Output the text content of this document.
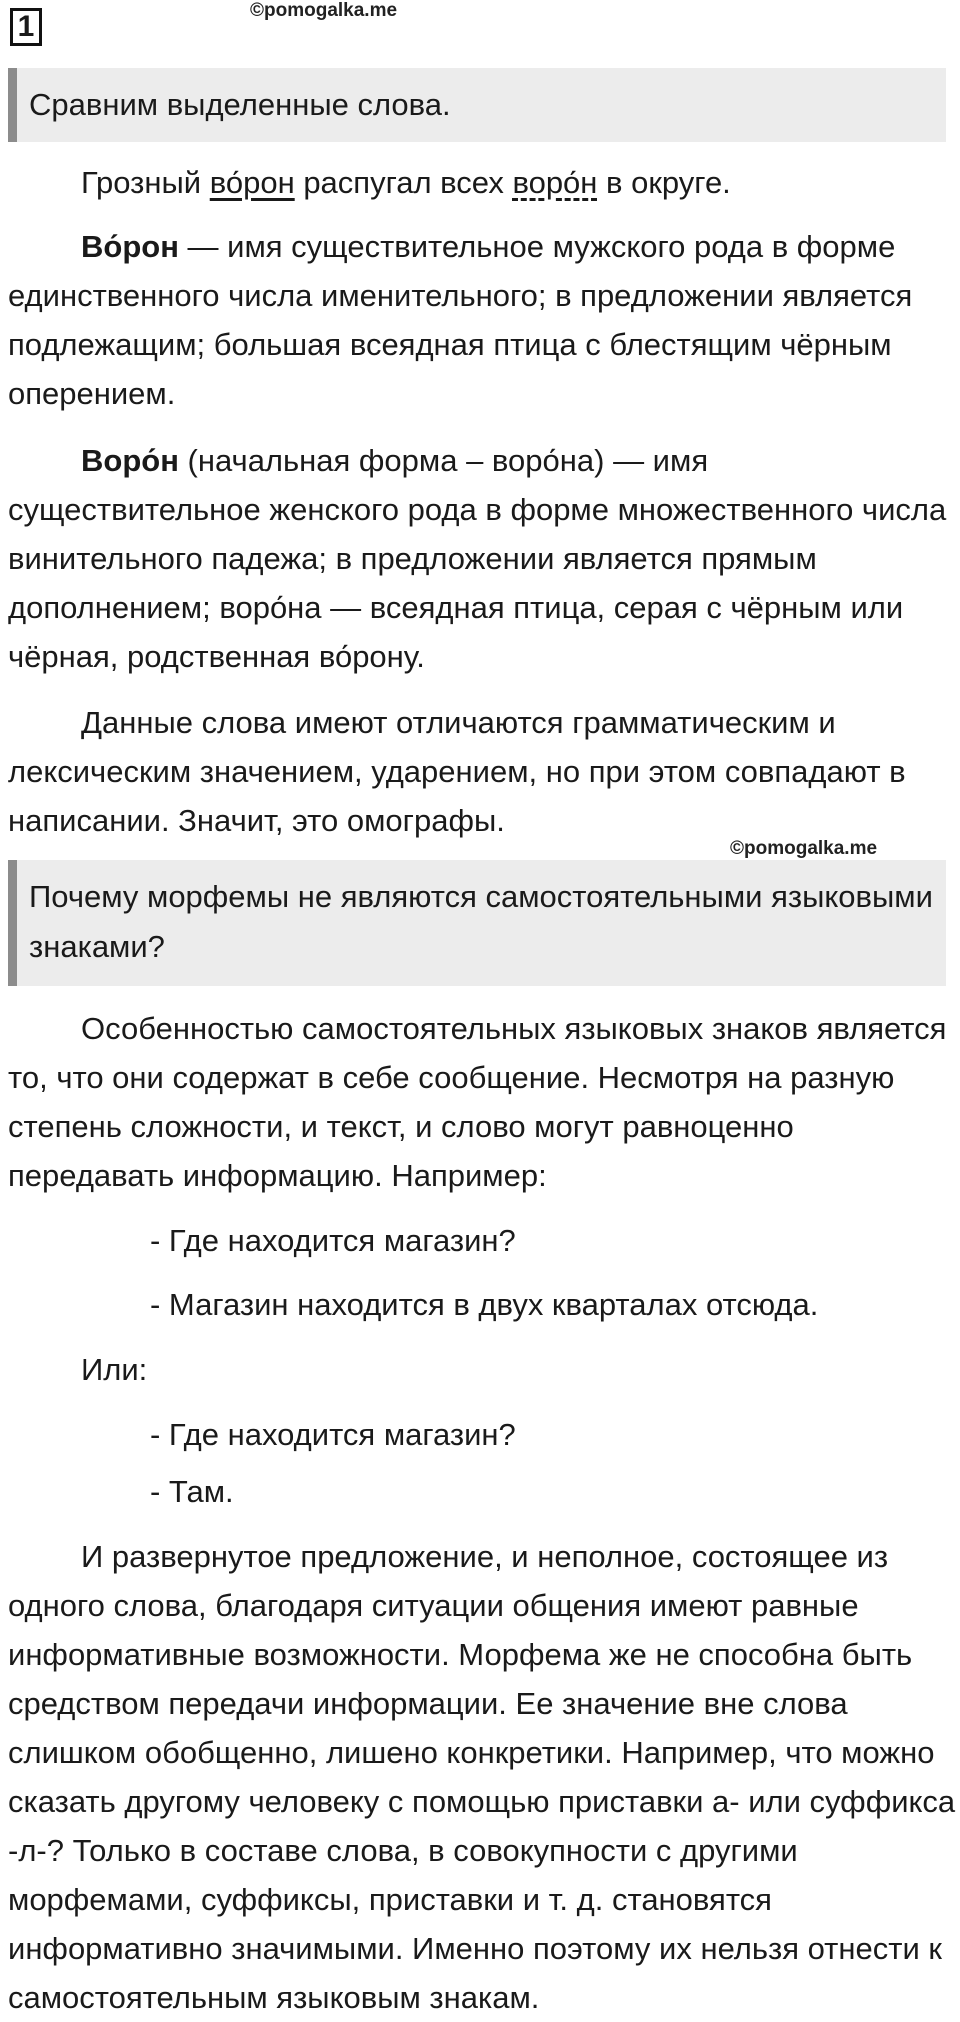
1	©pomogalka.me
Сравним выделенные слова.
Грозный во́рон распугал всех воро́н в округе.
Во́рон — имя существительное мужского рода в форме единственного числа именительного; в предложении является подлежащим; большая всеядная птица с блестящим чёрным оперением.
Воро́н (начальная форма – воро́на) — имя существительное женского рода в форме множественного числа винительного падежа; в предложении является прямым дополнением; воро́на — всеядная птица, серая с чёрным или чёрная, родственная во́рону.
Данные слова имеют отличаются грамматическим и лексическим значением, ударением, но при этом совпадают в написании. Значит, это омографы.
©pomogalka.me
Почему морфемы не являются самостоятельными языковыми знаками?
Особенностью самостоятельных языковых знаков является то, что они содержат в себе сообщение. Несмотря на разную степень сложности, и текст, и слово могут равноценно передавать информацию. Например:
- Где находится магазин?
- Магазин находится в двух кварталах отсюда.
Или:
- Где находится магазин?
- Там.
И развернутое предложение, и неполное, состоящее из одного слова, благодаря ситуации общения имеют равные информативные возможности. Морфема же не способна быть средством передачи информации. Ее значение вне слова слишком обобщенно, лишено конкретики. Например, что можно сказать другому человеку с помощью приставки а- или суффикса -л-? Только в составе слова, в совокупности с другими морфемами, суффиксы, приставки и т. д. становятся информативно значимыми. Именно поэтому их нельзя отнести к самостоятельным языковым знакам.
